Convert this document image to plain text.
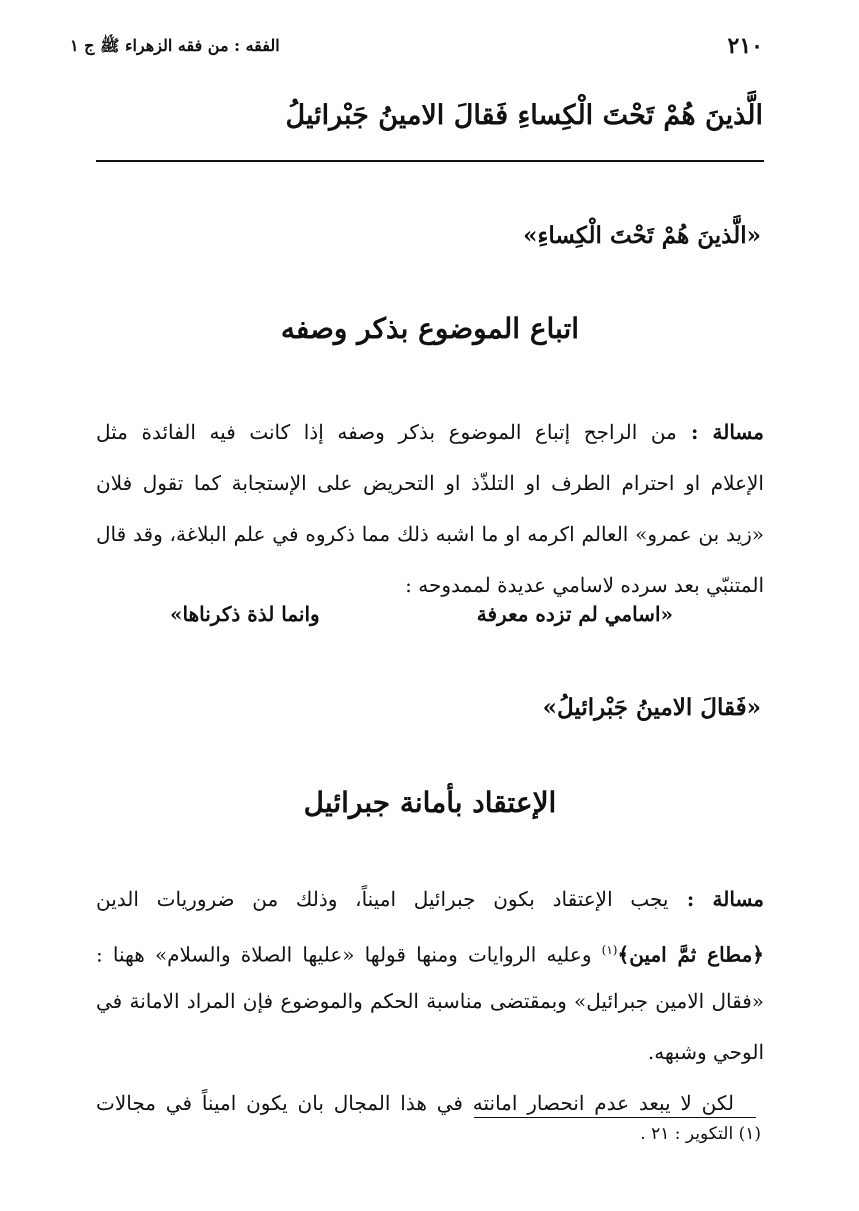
٢١٠
الفقه : من فقه الزهراء ﷺ ج ١
الَّذينَ هُمْ تَحْتَ الْكِساءِ فَقالَ الامينُ جَبْرائيلُ
«الَّذينَ هُمْ تَحْتَ الْكِساءِ»
اتباع الموضوع بذكر وصفه
مسالة : من الراجح إتباع الموضوع بذكر وصفه إذا كانت فيه الفائدة مثل
الإعلام او احترام الطرف او التلذّذ او التحريض على الإستجابة كما تقول فلان
«زيد بن عمرو» العالم اكرمه او ما اشبه ذلك مما ذكروه في علم البلاغة، وقد قال
المتنبّي بعد سرده لاسامي عديدة لممدوحه :
«اسامي لم تزده معرفة
وانما لذة ذكرناها»
«فَقالَ الامينُ جَبْرائيلُ»
الإعتقاد بأمانة جبرائيل
مسالة : يجب الإعتقاد بكون جبرائيل اميناً، وذلك من ضروريات الدين
﴿مطاع ثمَّ امين﴾$^{(١)}$ وعليه الروايات ومنها قولها «عليها الصلاة والسلام» ههنا :
«فقال الامين جبرائيل» وبمقتضى مناسبة الحكم والموضوع فإن المراد الامانة في
الوحي وشبهه.
لكن لا يبعد عدم انحصار امانته في هذا المجال بان يكون اميناً في مجالات
(١) التكوير : ٢١ .
